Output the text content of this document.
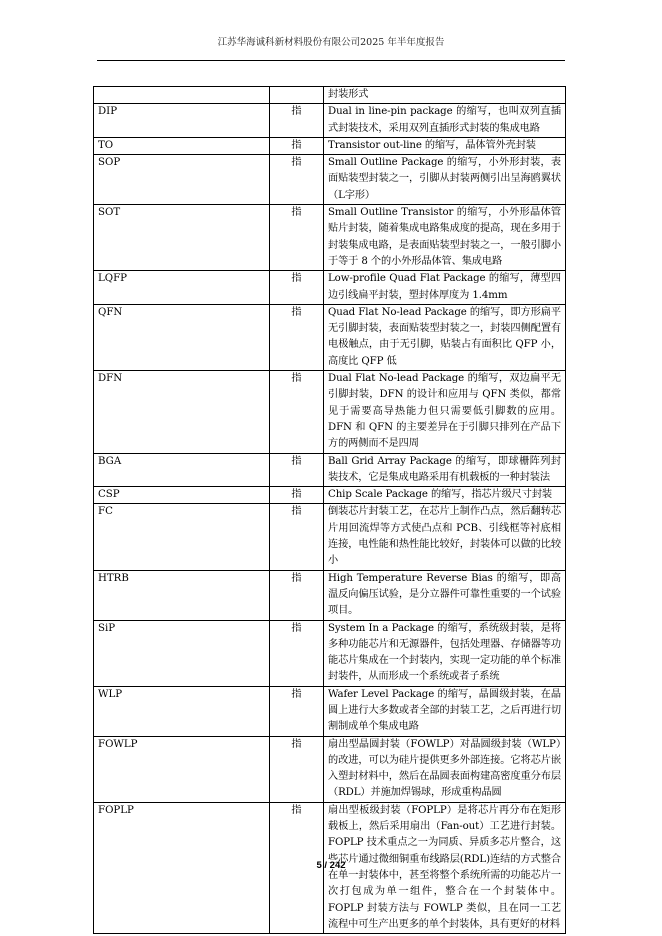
江苏华海诚科新材料股份有限公司2025 年半年度报告
		封装形式
DIP	指	Dual in line-pin package 的缩写，也叫双列直插式封装技术，采用双列直插形式封装的集成电路
TO	指	Transistor out-line 的缩写，晶体管外壳封装
SOP	指	Small Outline Package 的缩写，小外形封装，表面贴装型封装之一，引脚从封装两侧引出呈海鸥翼状（L字形）
SOT	指	Small Outline Transistor 的缩写，小外形晶体管贴片封装，随着集成电路集成度的提高，现在多用于封装集成电路，是表面贴装型封装之一，一般引脚小于等于 8 个的小外形晶体管、集成电路
LQFP	指	Low-profile Quad Flat Package 的缩写，薄型四边引线扁平封装，塑封体厚度为 1.4mm
QFN	指	Quad Flat No-lead Package 的缩写，即方形扁平无引脚封装，表面贴装型封装之一，封装四侧配置有电极触点，由于无引脚，贴装占有面积比 QFP 小，高度比 QFP 低
DFN	指	Dual Flat No-lead Package 的缩写，双边扁平无引脚封装，DFN 的设计和应用与 QFN 类似，都常见于需要高导热能力但只需要低引脚数的应用。DFN 和 QFN 的主要差异在于引脚只排列在产品下方的两侧而不是四周
BGA	指	Ball Grid Array Package 的缩写，即球栅阵列封装技术，它是集成电路采用有机载板的一种封装法
CSP	指	Chip Scale Package 的缩写，指芯片级尺寸封装
FC	指	倒装芯片封装工艺，在芯片上制作凸点，然后翻转芯片用回流焊等方式使凸点和 PCB、引线框等衬底相连接，电性能和热性能比较好，封装体可以做的比较小
HTRB	指	High Temperature Reverse Bias 的缩写，即高温反向偏压试验，是分立器件可靠性重要的一个试验项目。
SiP	指	System In a Package 的缩写，系统级封装，是将多种功能芯片和无源器件，包括处理器、存储器等功能芯片集成在一个封装内，实现一定功能的单个标准封装件，从而形成一个系统或者子系统
WLP	指	Wafer Level Package 的缩写，晶圆级封装，在晶圆上进行大多数或者全部的封装工艺，之后再进行切割制成单个集成电路
FOWLP	指	扇出型晶圆封装（FOWLP）对晶圆级封装（WLP）的改进，可以为硅片提供更多外部连接。它将芯片嵌入塑封材料中，然后在晶圆表面构建高密度重分布层（RDL）并施加焊锡球，形成重构晶圆
FOPLP	指	扇出型板级封装（FOPLP）是将芯片再分布在矩形载板上，然后采用扇出（Fan-out）工艺进行封装。FOPLP 技术重点之一为同质、异质多芯片整合，这些芯片通过微细铜重布线路层(RDL)连结的方式整合在单一封装体中，甚至将整个系统所需的功能芯片一次打包成为单一组件，整合在一个封装体中。FOPLP 封装方法与 FOWLP 类似，且在同一工艺流程中可生产出更多的单个封装体，具有更好的材料
5 / 242
